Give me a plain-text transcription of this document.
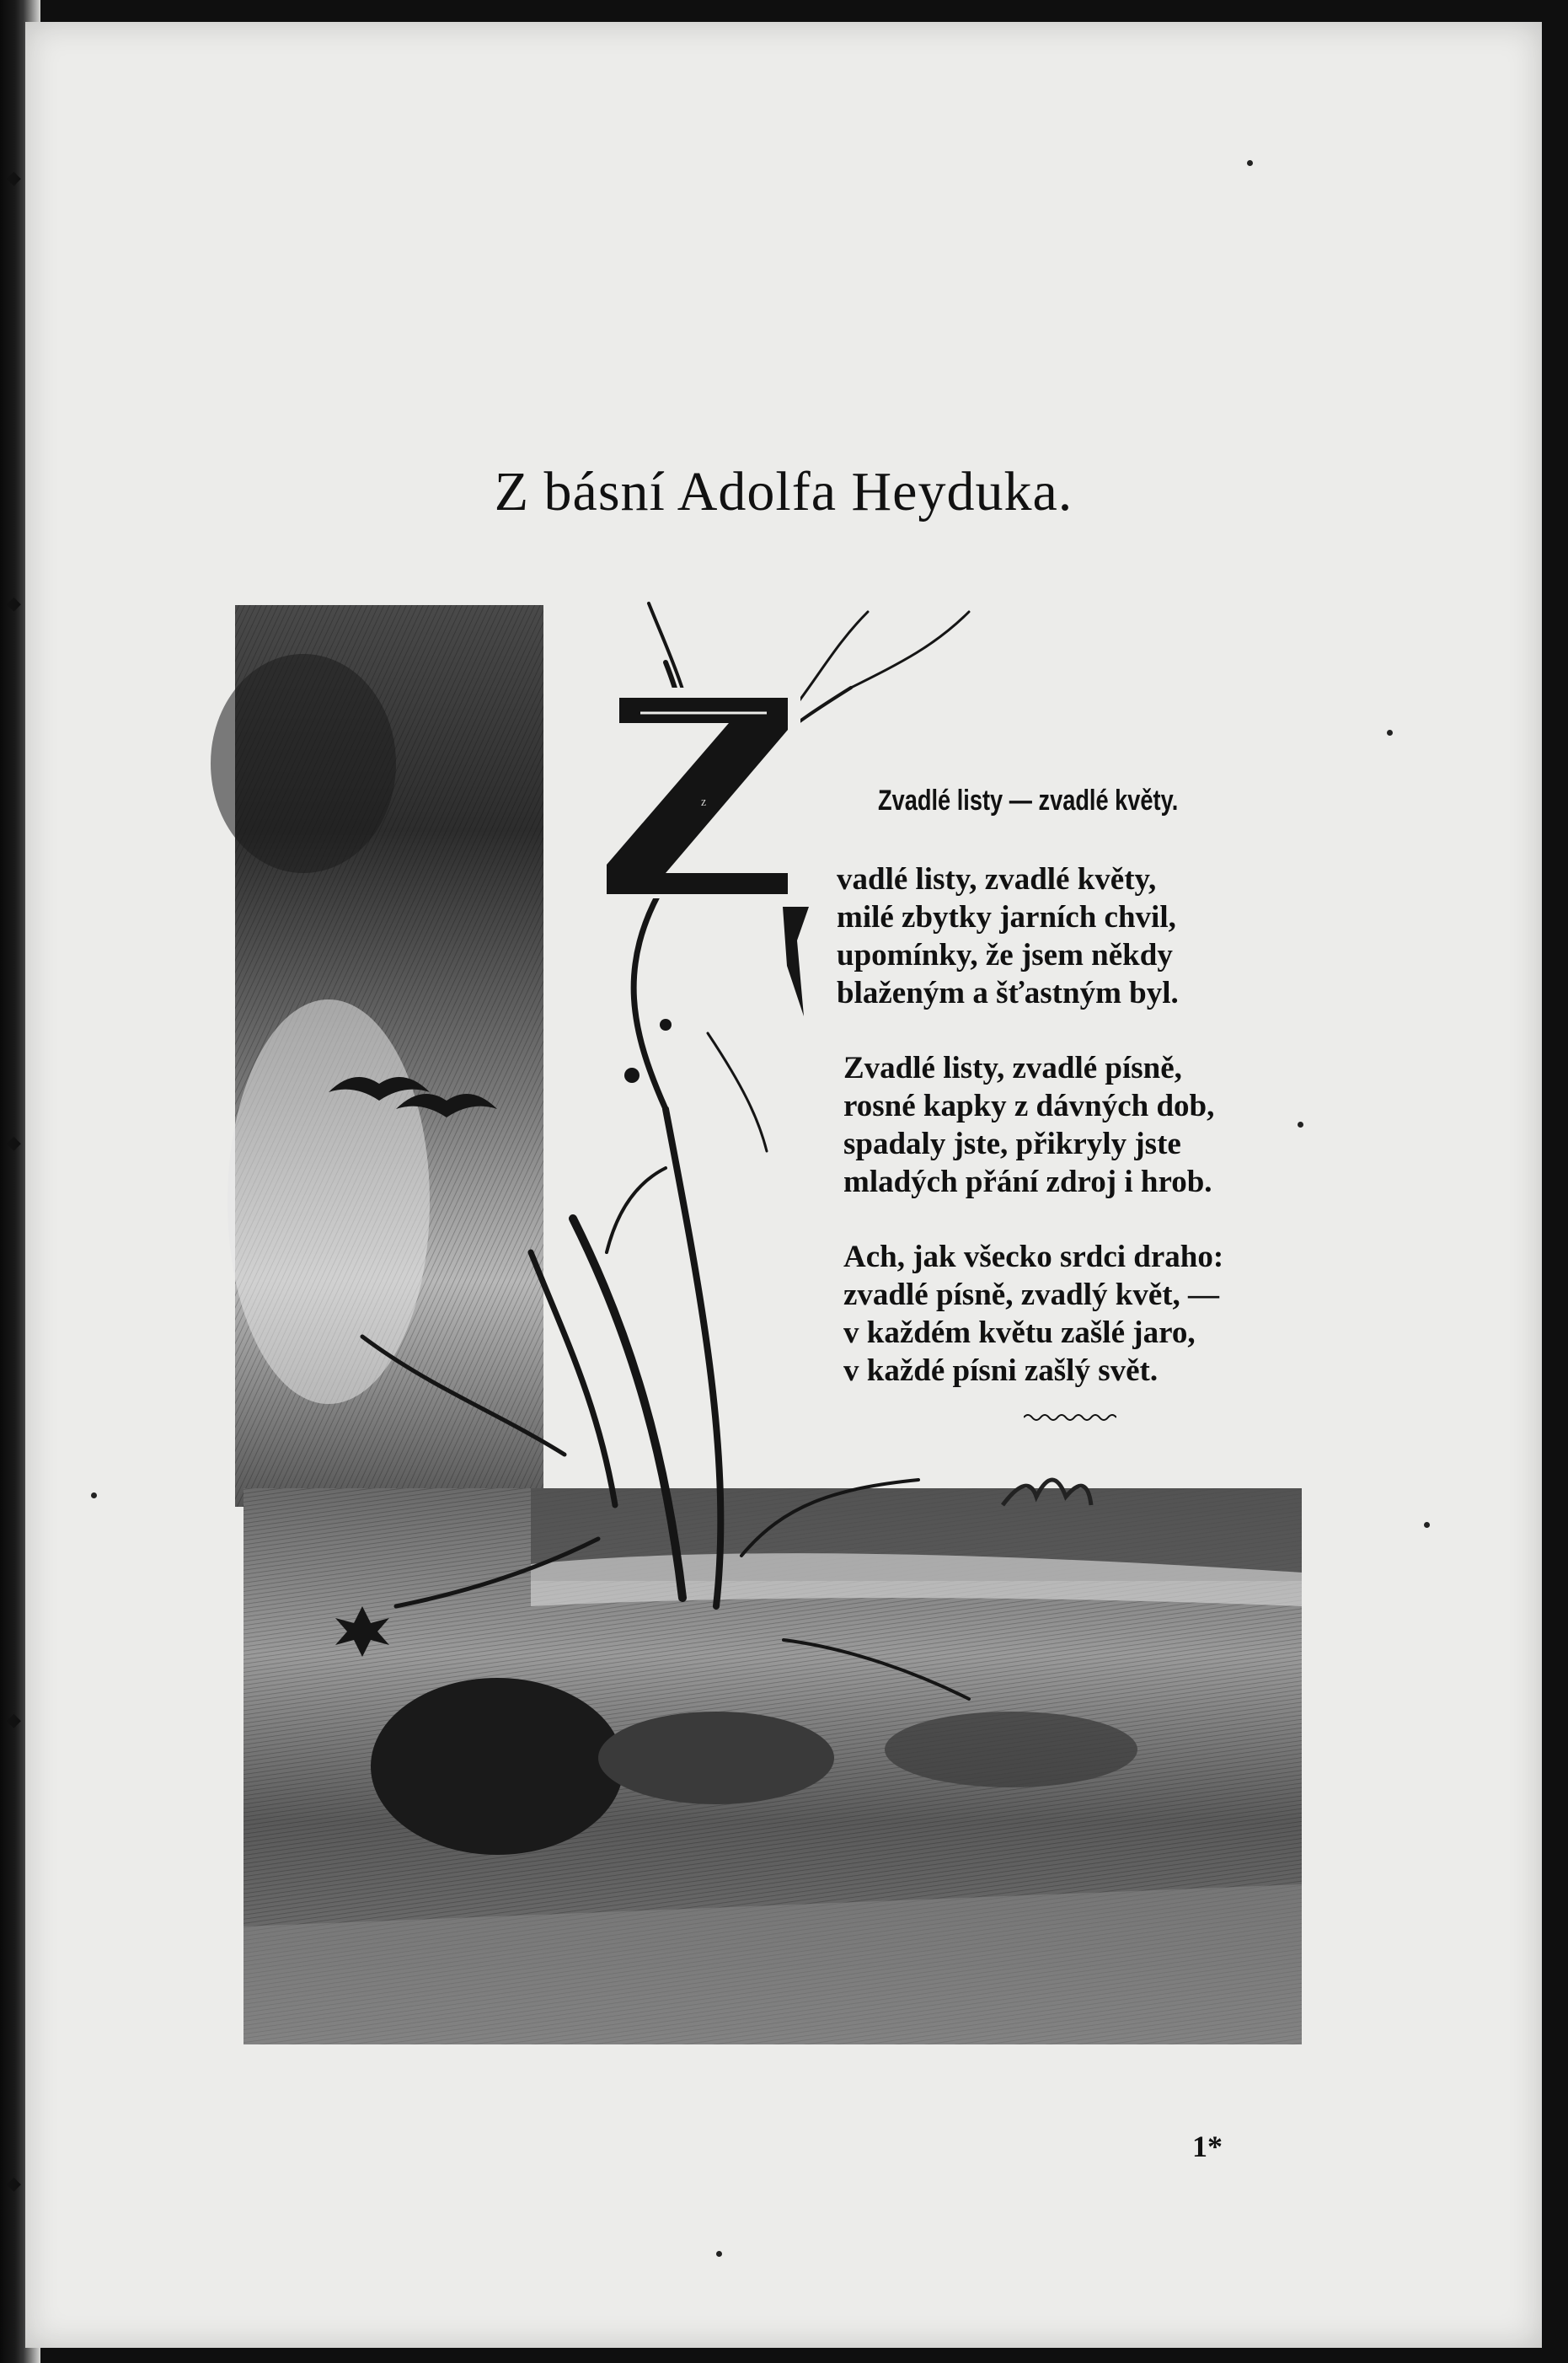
◆
◆
◆
◆
◆
Z básní Adolfa Heyduka.
Z	Zvadlé listy — zvadlé květy.
vadlé listy, zvadlé květy,
milé zbytky jarních chvil,
upomínky, že jsem někdy
blaženým a šťastným byl.
Zvadlé listy, zvadlé písně,
rosné kapky z dávných dob,
spadaly jste, přikryly jste
mladých přání zdroj i hrob.
Ach, jak všecko srdci draho:
zvadlé písně, zvadlý květ, —
v každém květu zašlé jaro,
v každé písni zašlý svět.
1*
